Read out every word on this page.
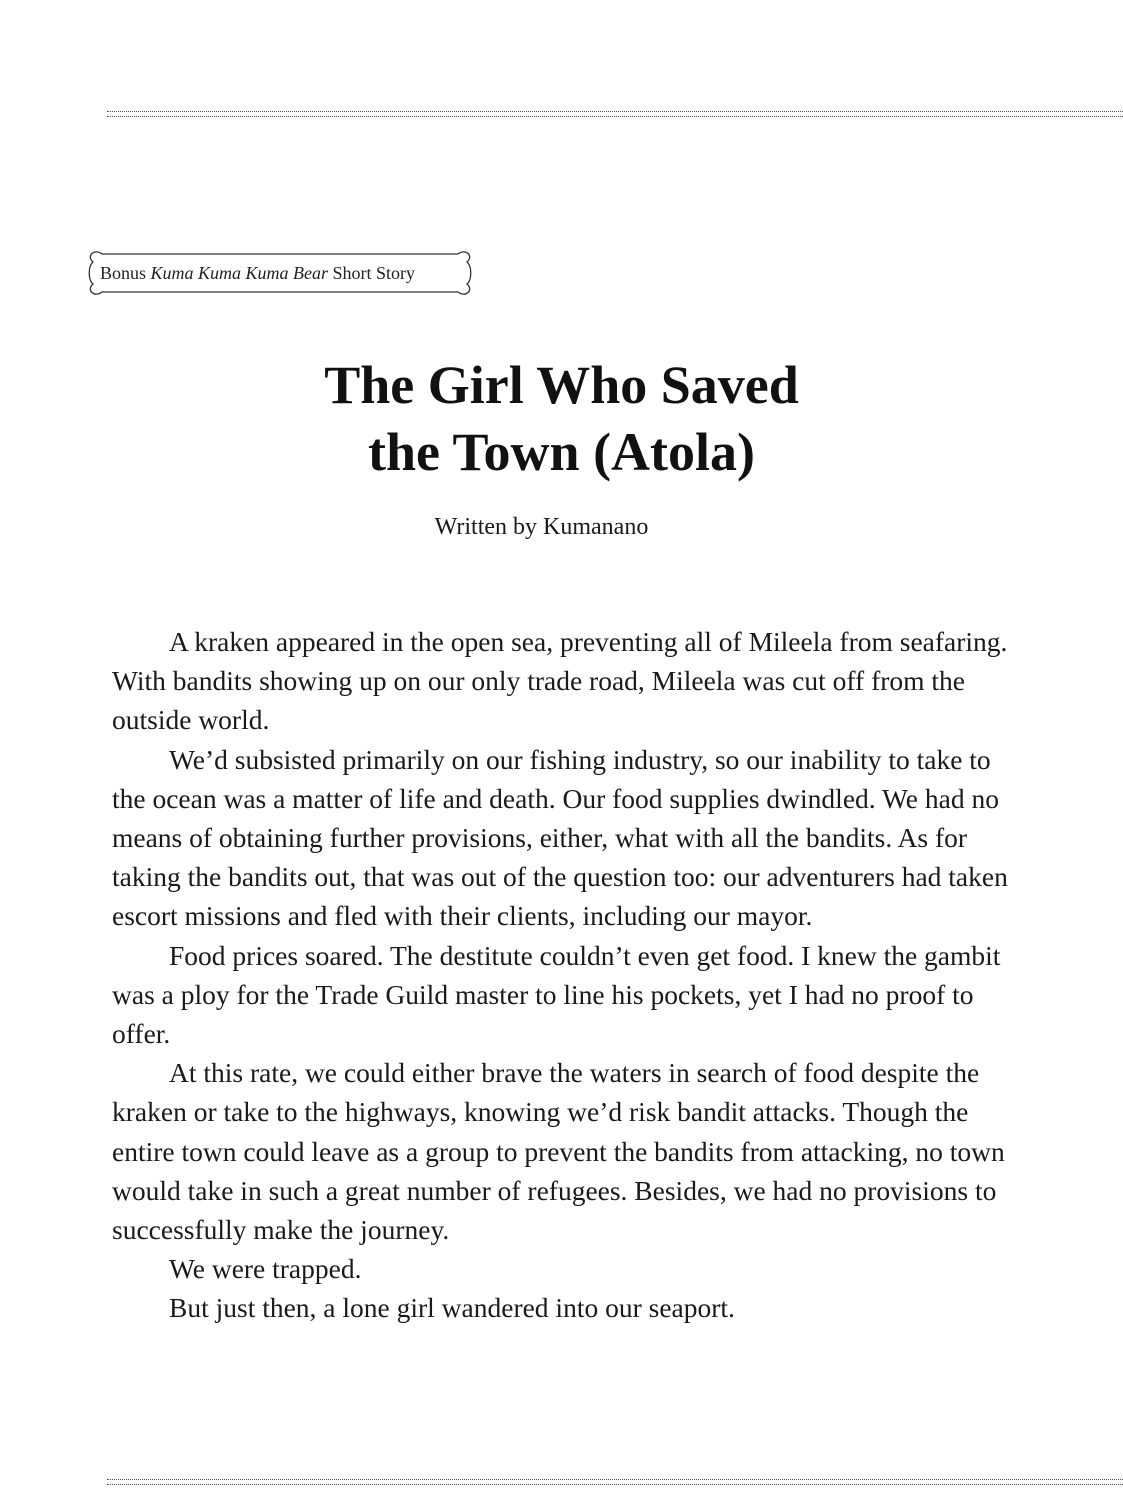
Bonus Kuma Kuma Kuma Bear Short Story
The Girl Who Saved
the Town (Atola)

Written by Kumanano

A kraken appeared in the open sea, preventing all of Mileela from seafaring. With bandits showing up on our only trade road, Mileela was cut off from the outside world.

We’d subsisted primarily on our fishing industry, so our inability to take to the ocean was a matter of life and death. Our food supplies dwindled. We had no means of obtaining further provisions, either, what with all the bandits. As for taking the bandits out, that was out of the question too: our adventurers had taken escort missions and fled with their clients, including our mayor.

Food prices soared. The destitute couldn’t even get food. I knew the gambit was a ploy for the Trade Guild master to line his pockets, yet I had no proof to offer.

At this rate, we could either brave the waters in search of food despite the kraken or take to the highways, knowing we’d risk bandit attacks. Though the entire town could leave as a group to prevent the bandits from attacking, no town would take in such a great number of refugees. Besides, we had no provisions to successfully make the journey.

We were trapped.

But just then, a lone girl wandered into our seaport.
